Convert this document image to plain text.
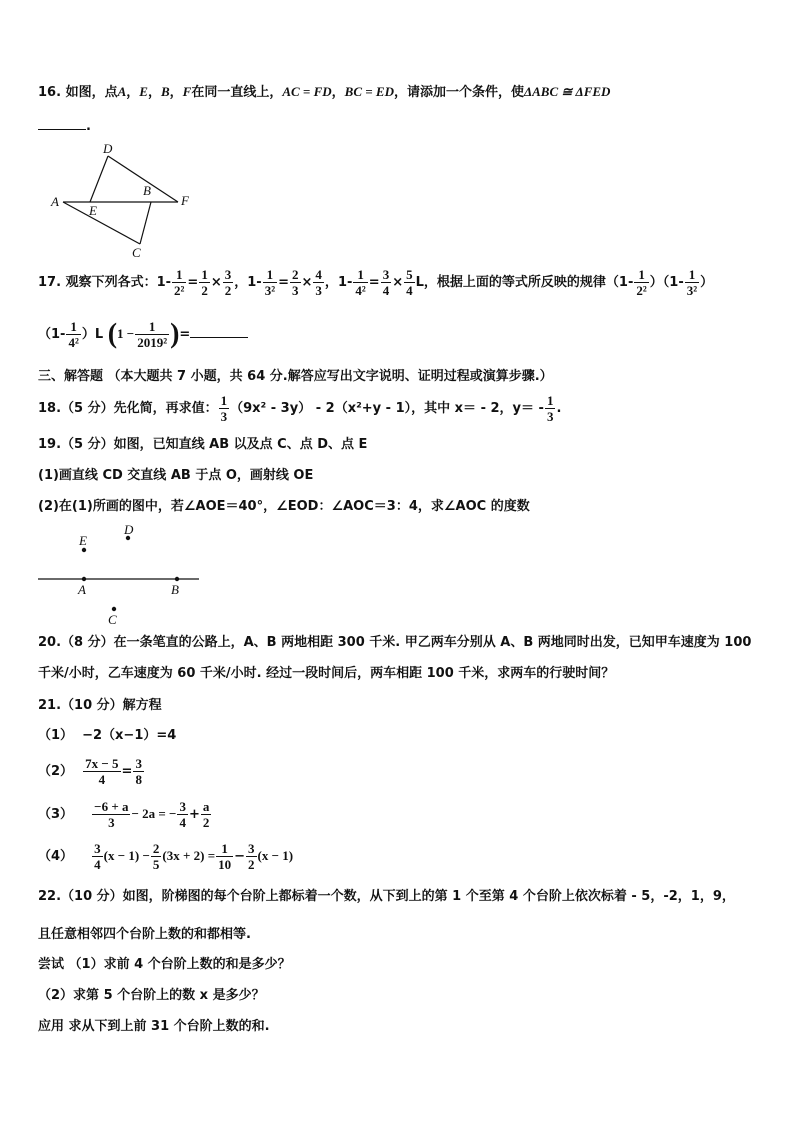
16. 如图，点A，E，B，F在同一直线上，AC = FD，BC = ED，请添加一个条件，使ΔABC ≅ ΔFED
.
D
A
E
B
F
C
17. 观察下列各式：$1- \frac{1}{\text{2²}} = \frac{1}{2} \times \frac{3}{2}$ ，$1- \frac{1}{\text{3²}} = \frac{2}{3} \times \frac{4}{3}$ ，$1- \frac{1}{\text{4²}} = \frac{3}{4} \times \frac{5}{4}$ L，根据上面的等式所反映的规律$(1- \frac{1}{\text{2²}} )(1- \frac{1}{\text{3²}}$ ）
$(1- \frac{1}{\text{4²}} )L$ ($1 - \frac{1}{\text{2019²}}$ )=
三、解答题 （本大题共 7 小题，共 64 分.解答应写出文字说明、证明过程或演算步骤.）
18.（5 分）先化简，再求值： $\frac{1}{3} (9x^2 - 3y) - 2(x^2+y - 1)$，其中 x＝ - 2，$y= - \frac{1}{3}$ .
19.（5 分）如图，已知直线 AB 以及点 C、点 D、点 E
(1)画直线 CD 交直线 AB 于点 O，画射线 OE
(2)在(1)所画的图中，若∠AOE＝40°，∠EOD：∠AOC＝3：4，求∠AOC 的度数
E
D
A	B
C
20.（8 分）在一条笔直的公路上，A、B 两地相距 300 千米. 甲乙两车分别从 A、B 两地同时出发，已知甲车速度为 100
千米/小时，乙车速度为 60 千米/小时. 经过一段时间后，两车相距 100 千米，求两车的行驶时间？
21.（10 分）解方程
（1） −2（x−1）=4
$(2) \frac{7x - 5}{4} = \frac{3}{8}$
$(3) \frac{-6 + a}{3} - 2a$ = − $\frac{3}{4} + \frac{a}{2}$
$(4) \frac{3}{4} (x - 1) - \frac{2}{5} (3x + 2) = \frac{1}{10} - \frac{3}{2} (x - 1)$
22.（10 分）如图，阶梯图的每个台阶上都标着一个数，从下到上的第 1 个至第 4 个台阶上依次标着 - 5，-2，1，9，
且任意相邻四个台阶上数的和都相等.
尝试 （1）求前 4 个台阶上数的和是多少？
（2）求第 5 个台阶上的数 x 是多少？
应用 求从下到上前 31 个台阶上数的和.
